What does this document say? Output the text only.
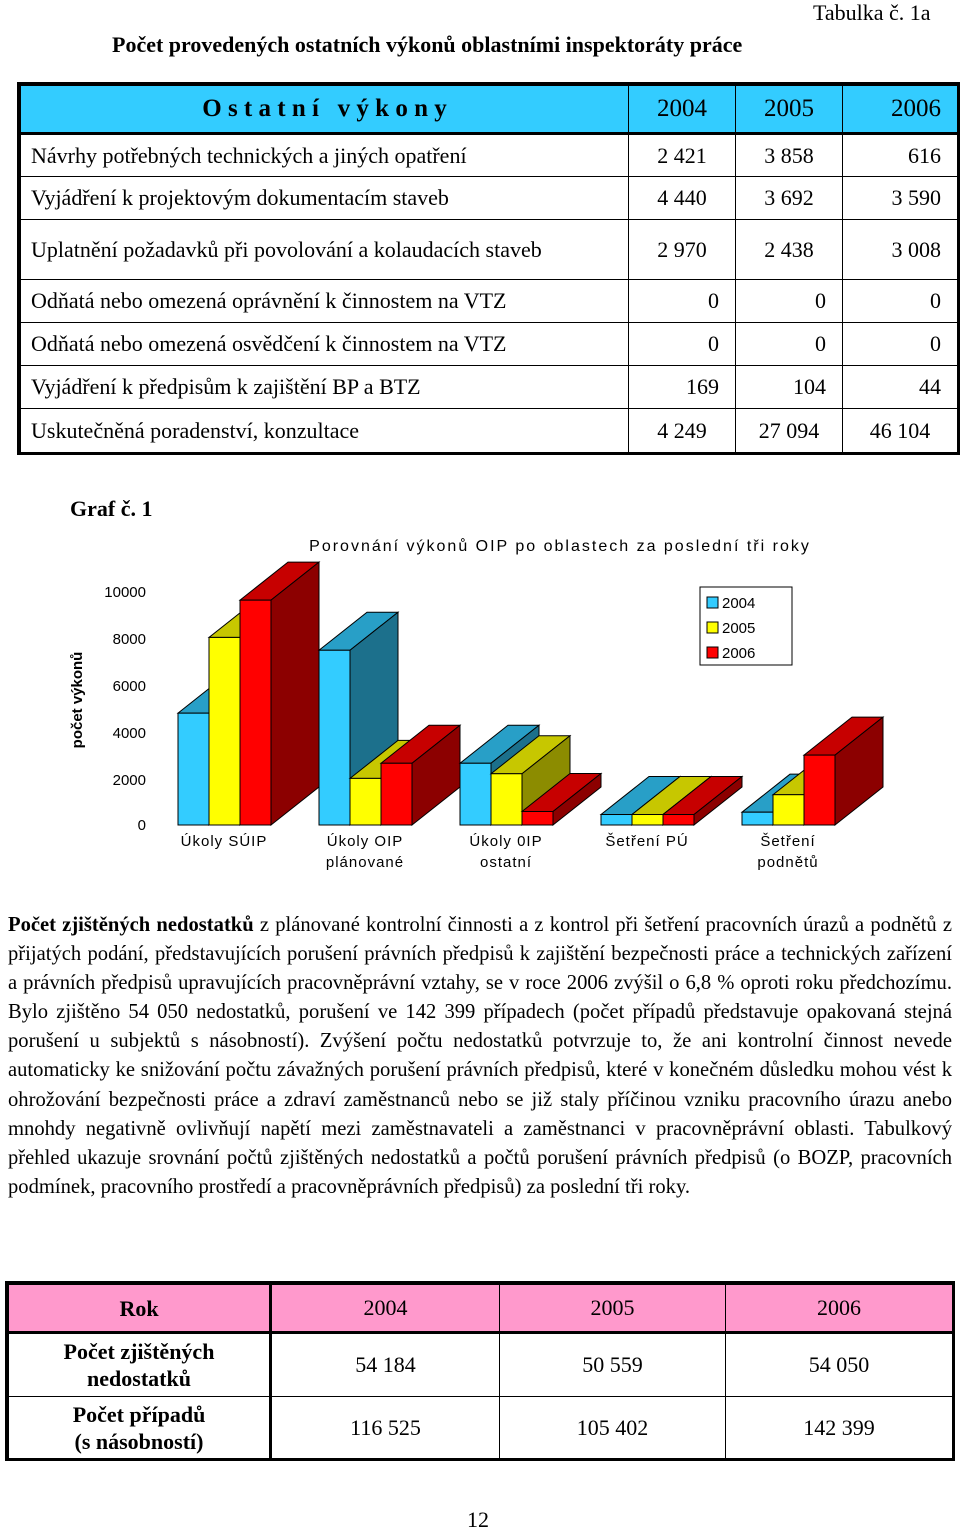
Tabulka č. 1a
Počet provedených ostatních výkonů oblastními inspektoráty práce
O s t a t n í   v ý k o n y	2004	2005	2006
Návrhy potřebných technických a jiných opatření	2 421	3 858	616
Vyjádření k projektovým dokumentacím staveb	4 440	3 692	3 590
Uplatnění požadavků při povolování a kolaudacích staveb	2 970	2 438	3 008
Odňatá nebo omezená oprávnění k činnostem na VTZ	0	0	0
Odňatá nebo omezená osvědčení k činnostem na VTZ	0	0	0
Vyjádření k předpisům k zajištění BP a BTZ	169	104	44
Uskutečněná poradenství, konzultace	4 249	27 094	46 104
Graf č. 1
Porovnání výkonů OIP po oblastech za poslední tři roky
počet výkonů
10000
8000
6000
4000
2000
0
Úkoly SÚIP	Úkoly OIP
plánované
Úkoly 0IP
ostatní
Šetření PÚ	Šetření
podnětů
2004
2005
2006
Počet zjištěných nedostatků z plánované kontrolní činnosti a z kontrol při šetření pracovních úrazů a podnětů z přijatých podání, představujících porušení právních předpisů k zajištění bezpečnosti práce a technických zařízení a právních předpisů upravujících pracovněprávní vztahy, se v roce 2006 zvýšil o 6,8 % oproti roku předchozímu. Bylo zjištěno 54 050 nedostatků, porušení ve 142 399 případech (počet případů představuje opakovaná stejná porušení u subjektů s násobností). Zvýšení počtu nedostatků potvrzuje to, že ani kontrolní činnost nevede automaticky ke snižování počtu závažných porušení právních předpisů, které v konečném důsledku mohou vést k ohrožování bezpečnosti práce a zdraví zaměstnanců nebo se již staly příčinou vzniku pracovního úrazu anebo mnohdy negativně ovlivňují napětí mezi zaměstnavateli a zaměstnanci v pracovněprávní oblasti. Tabulkový přehled ukazuje srovnání počtů zjištěných nedostatků a počtů porušení právních předpisů (o BOZP, pracovních podmínek, pracovního prostředí a pracovněprávních předpisů) za poslední tři roky.
Rok	2004	2005	2006
Počet zjištěných
nedostatků	54 184	50 559	54 050
Počet případů
(s násobností)	116 525	105 402	142 399
12
